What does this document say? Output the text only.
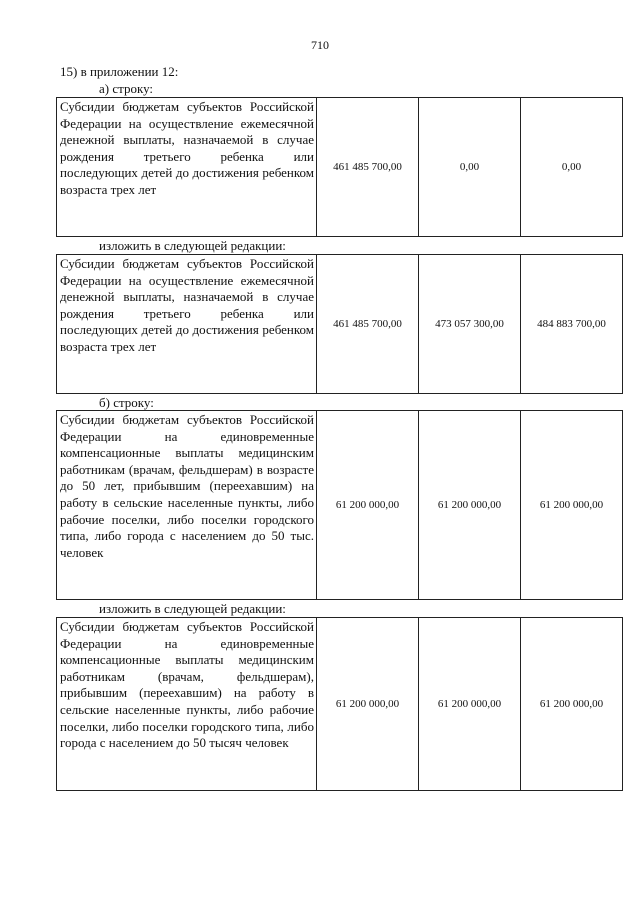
710
15) в приложении 12:
а) строку:
Субсидии бюджетам субъектов Российской Федерации на осуществление ежемесячной денежной выплаты, назначаемой в случае рождения третьего ребенка или последующих детей до достижения ребенком возраста трех лет	461 485 700,00	0,00	0,00
изложить в следующей редакции:
Субсидии бюджетам субъектов Российской Федерации на осуществление ежемесячной денежной выплаты, назначаемой в случае рождения третьего ребенка или последующих детей до достижения ребенком возраста трех лет	461 485 700,00	473 057 300,00	484 883 700,00
б) строку:
Субсидии бюджетам субъектов Российской Федерации на единовременные компенсационные выплаты медицинским работникам (врачам, фельдшерам) в возрасте до 50 лет, прибывшим (переехавшим) на работу в сельские населенные пункты, либо рабочие поселки, либо поселки городского типа, либо города с населением до 50 тыс. человек	61 200 000,00	61 200 000,00	61 200 000,00
изложить в следующей редакции:
Субсидии бюджетам субъектов Российской Федерации на единовременные компенсационные выплаты медицинским работникам (врачам, фельдшерам), прибывшим (переехавшим) на работу в сельские населенные пункты, либо рабочие поселки, либо поселки городского типа, либо города с населением до 50 тысяч человек	61 200 000,00	61 200 000,00	61 200 000,00
